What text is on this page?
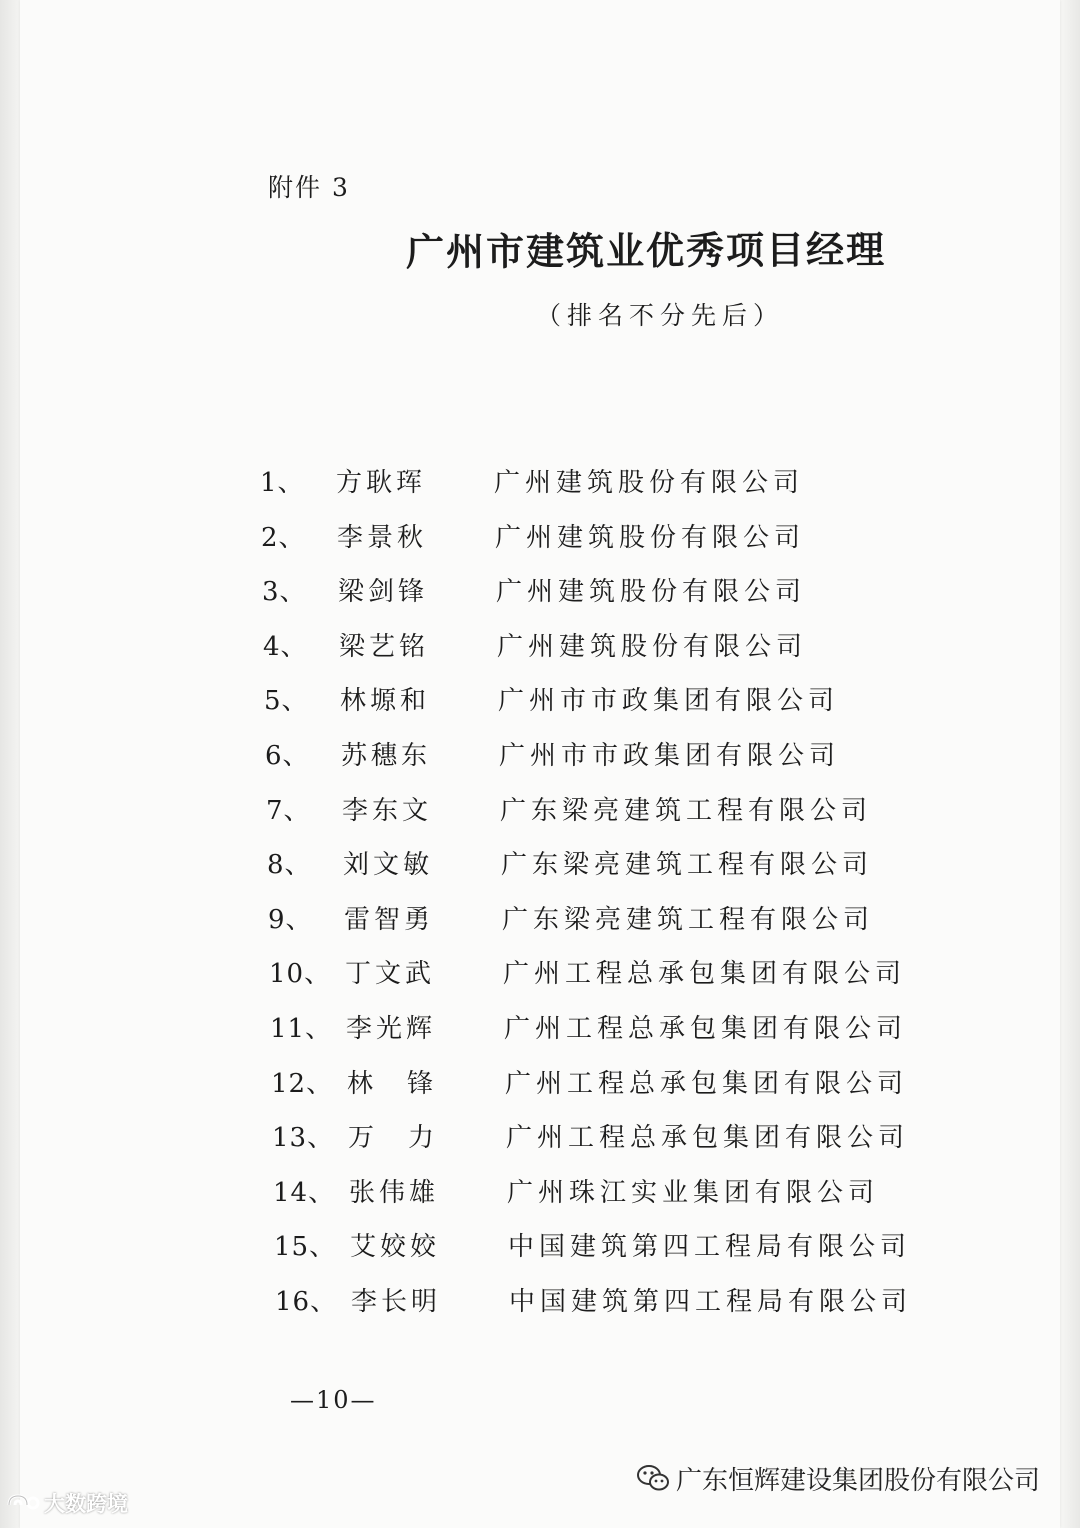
附件 3
广州市建筑业优秀项目经理
（排名不分先后）
1、	方耿珲	广州建筑股份有限公司
2、	李景秋	广州建筑股份有限公司
3、	梁剑锋	广州建筑股份有限公司
4、	梁艺铭	广州建筑股份有限公司
5、	林塬和	广州市市政集团有限公司
6、	苏穗东	广州市市政集团有限公司
7、	李东文	广东梁亮建筑工程有限公司
8、	刘文敏	广东梁亮建筑工程有限公司
9、	雷智勇	广东梁亮建筑工程有限公司
10、 丁文武	广州工程总承包集团有限公司
11、 李光辉	广州工程总承包集团有限公司
12、 林　锋	广州工程总承包集团有限公司
13、 万　力	广州工程总承包集团有限公司
14、 张伟雄	广州珠江实业集团有限公司
15、 艾姣姣	中国建筑第四工程局有限公司
16、 李长明	中国建筑第四工程局有限公司
—10—
大数跨境
广东恒辉建设集团股份有限公司
